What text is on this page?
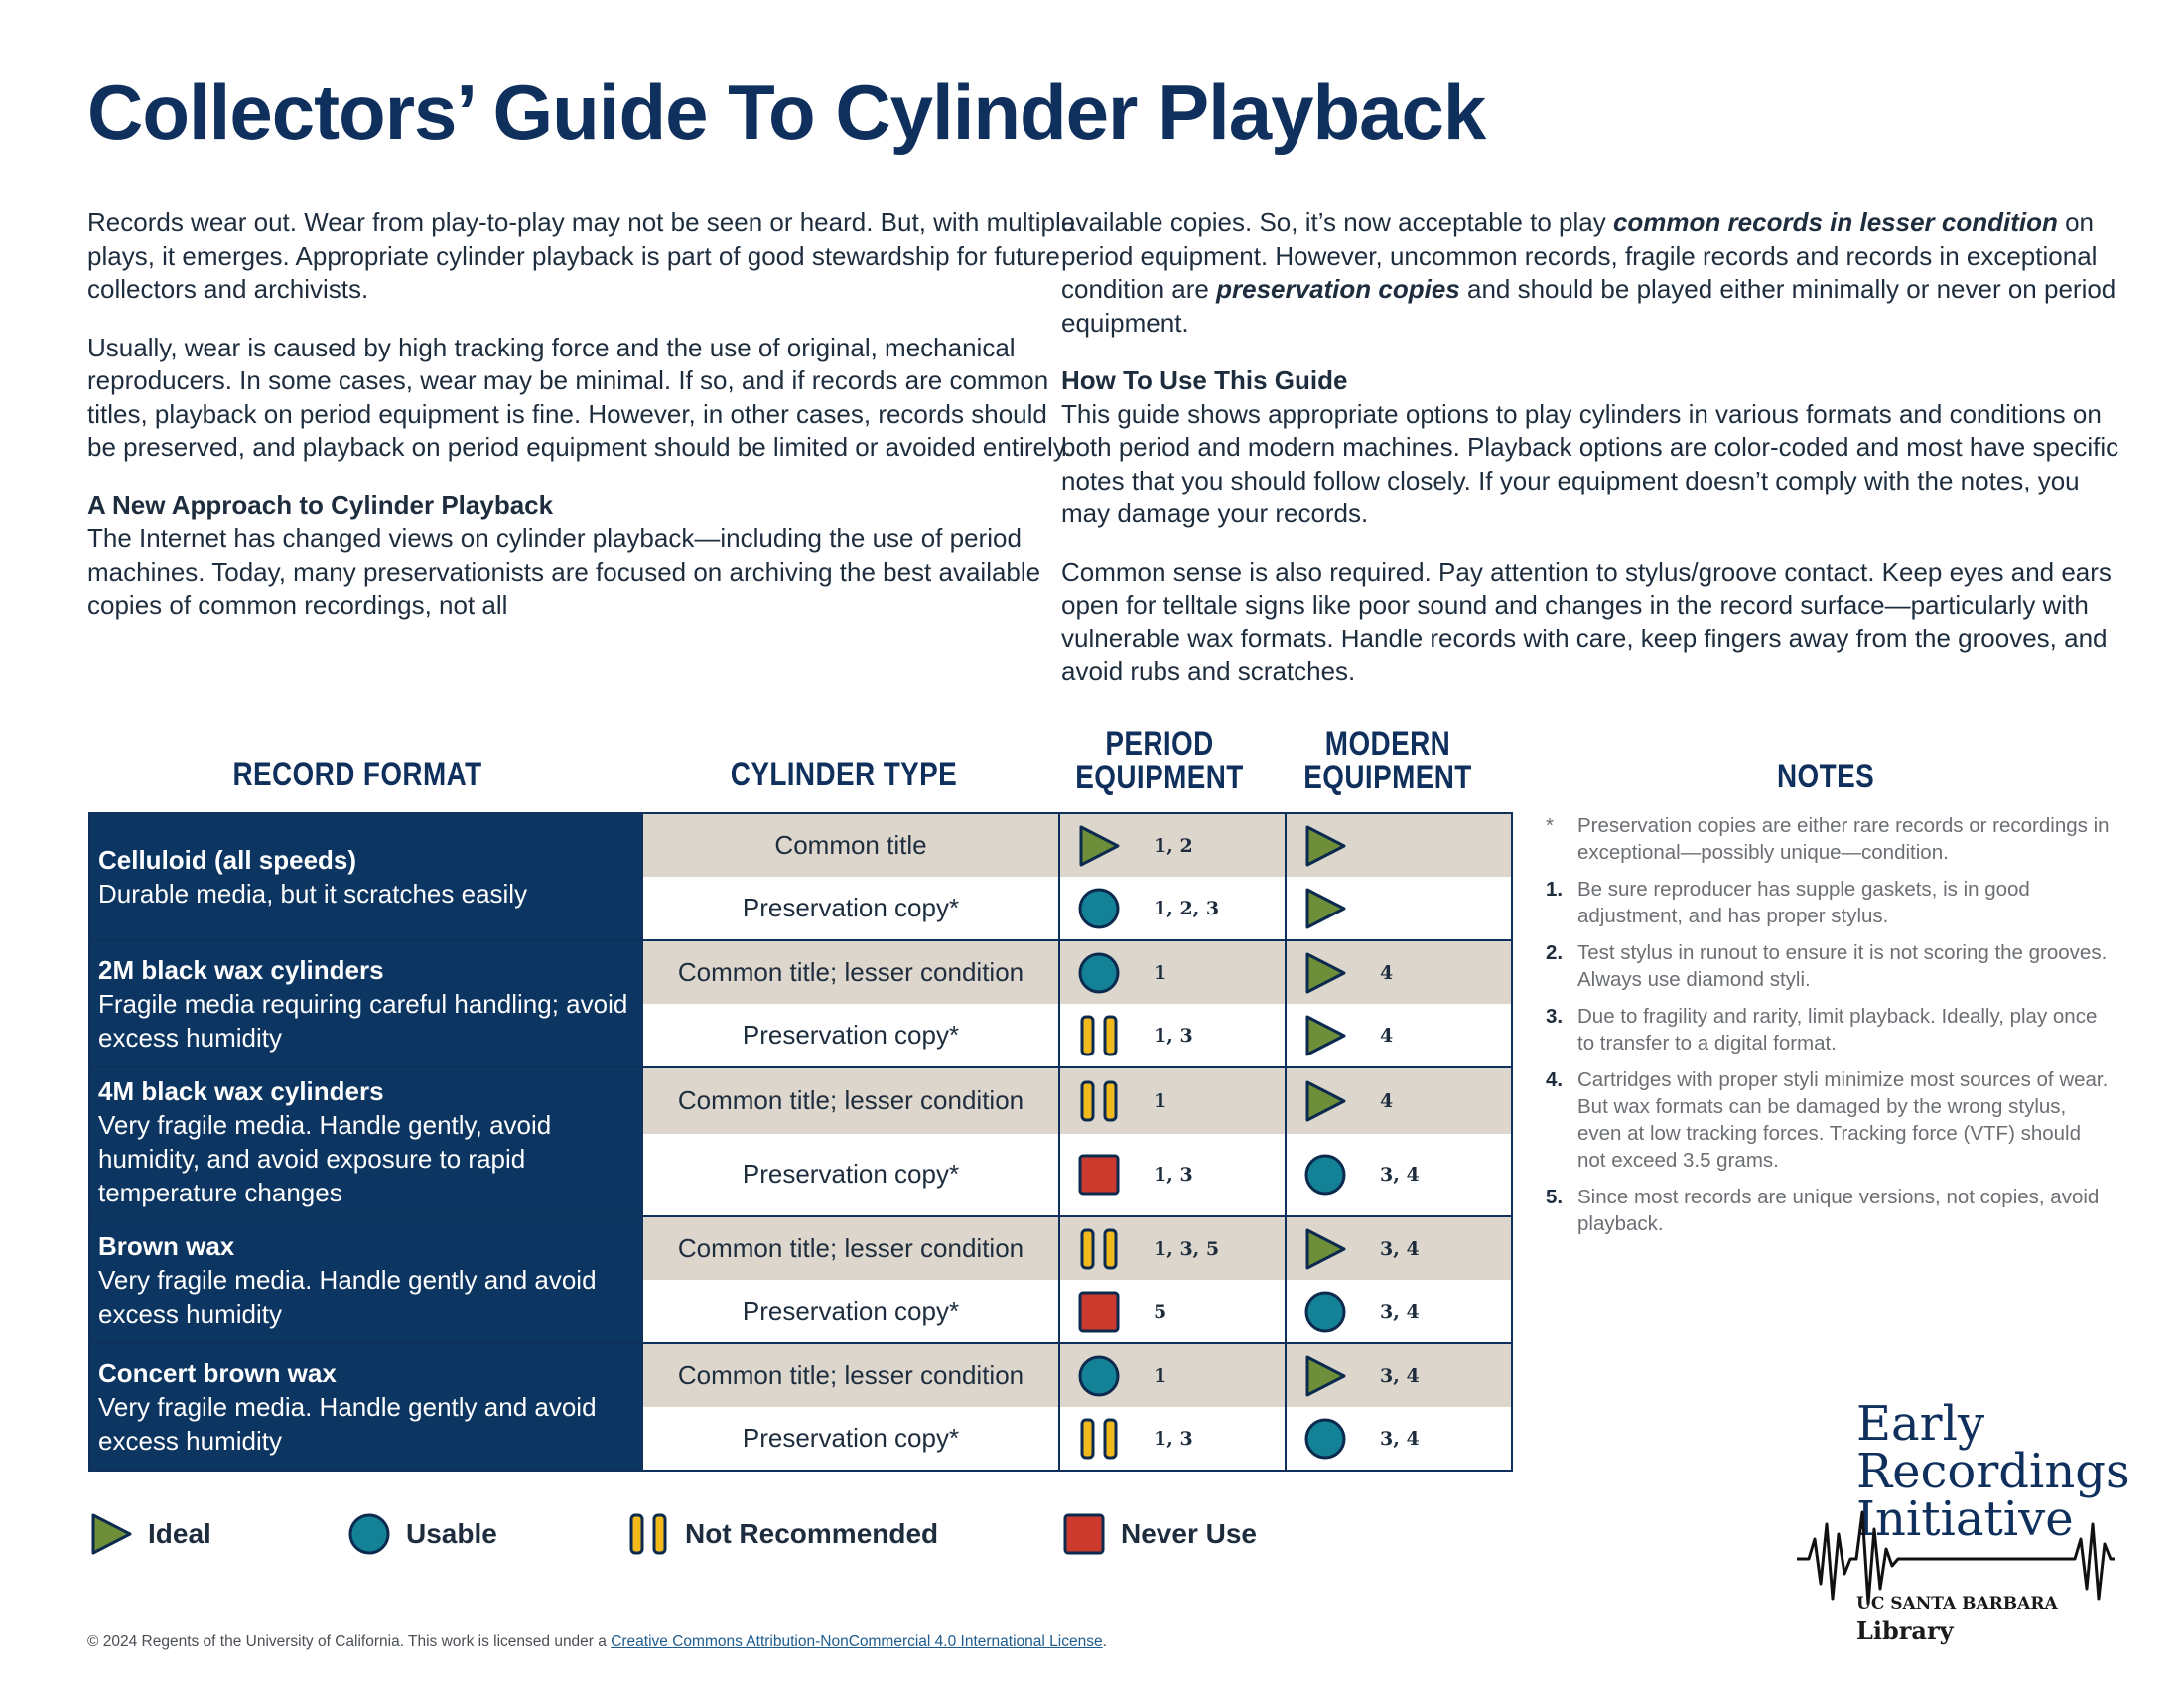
Collectors’ Guide To Cylinder Playback

Records wear out. Wear from play-to-play may not be seen or heard. But, with multiple plays, it emerges. Appropriate cylinder playback is part of good stewardship for future collectors and archivists.

Usually, wear is caused by high tracking force and the use of original, mechanical reproducers. In some cases, wear may be minimal. If so, and if records are common titles, playback on period equipment is fine. However, in other cases, records should be preserved, and playback on period equipment should be limited or avoided entirely.

A New Approach to Cylinder Playback

The Internet has changed views on cylinder playback—including the use of period machines. Today, many preservationists are focused on archiving the best available copies of common recordings, not all

available copies. So, it’s now acceptable to play common records in lesser condition on period equipment. However, uncommon records, fragile records and records in exceptional condition are preservation copies and should be played either minimally or never on period equipment.

How To Use This Guide

This guide shows appropriate options to play cylinders in various formats and conditions on both period and modern machines. Playback options are color-coded and most have specific notes that you should follow closely. If your equipment doesn’t comply with the notes, you may damage your records.

Common sense is also required. Pay attention to stylus/groove contact. Keep eyes and ears open for telltale signs like poor sound and changes in the record surface—particularly with vulnerable wax formats. Handle records with care, keep fingers away from the grooves, and avoid rubs and scratches.

RECORD FORMAT	CYLINDER TYPE
PERIOD
EQUIPMENT
MODERN
EQUIPMENT	NOTES
Celluloid (all speeds)
Durable media, but it scratches easily	Common title	1, 2

	Preservation copy*	1, 2, 3

2M black wax cylinders
Fragile media requiring careful handling; avoid excess humidity	Common title; lesser condition	1	4

	Preservation copy*	1, 3	4

4M black wax cylinders
Very fragile media. Handle gently, avoid humidity, and avoid exposure to rapid temperature changes	Common title; lesser condition	1	4

	Preservation copy*	1, 3	3, 4

Brown wax
Very fragile media. Handle gently and avoid excess humidity	Common title; lesser condition	1, 3, 5	3, 4

	Preservation copy*	5	3, 4

Concert brown wax
Very fragile media. Handle gently and avoid excess humidity	Common title; lesser condition	1	3, 4

	Preservation copy*	1, 3	3, 4
*	Preservation copies are either rare records or recordings in exceptional—possibly unique—condition.
1. Be sure reproducer has supple gaskets, is in good adjustment, and has proper stylus.
2. Test stylus in runout to ensure it is not scoring the grooves. Always use diamond styli.
3. Due to fragility and rarity, limit playback. Ideally, play once to transfer to a digital format.
4. Cartridges with proper styli minimize most sources of wear. But wax formats can be damaged by the wrong stylus, even at low tracking forces. Tracking force (VTF) should not exceed 3.5 grams.
5. Since most records are unique versions, not copies, avoid playback.
Ideal	Usable	Not Recommended	Never Use
© 2024 Regents of the University of California. This work is licensed under a Creative Commons Attribution-NonCommercial 4.0 International License.
Early
Recordings
Initiative
UC SANTA BARBARA
Library
